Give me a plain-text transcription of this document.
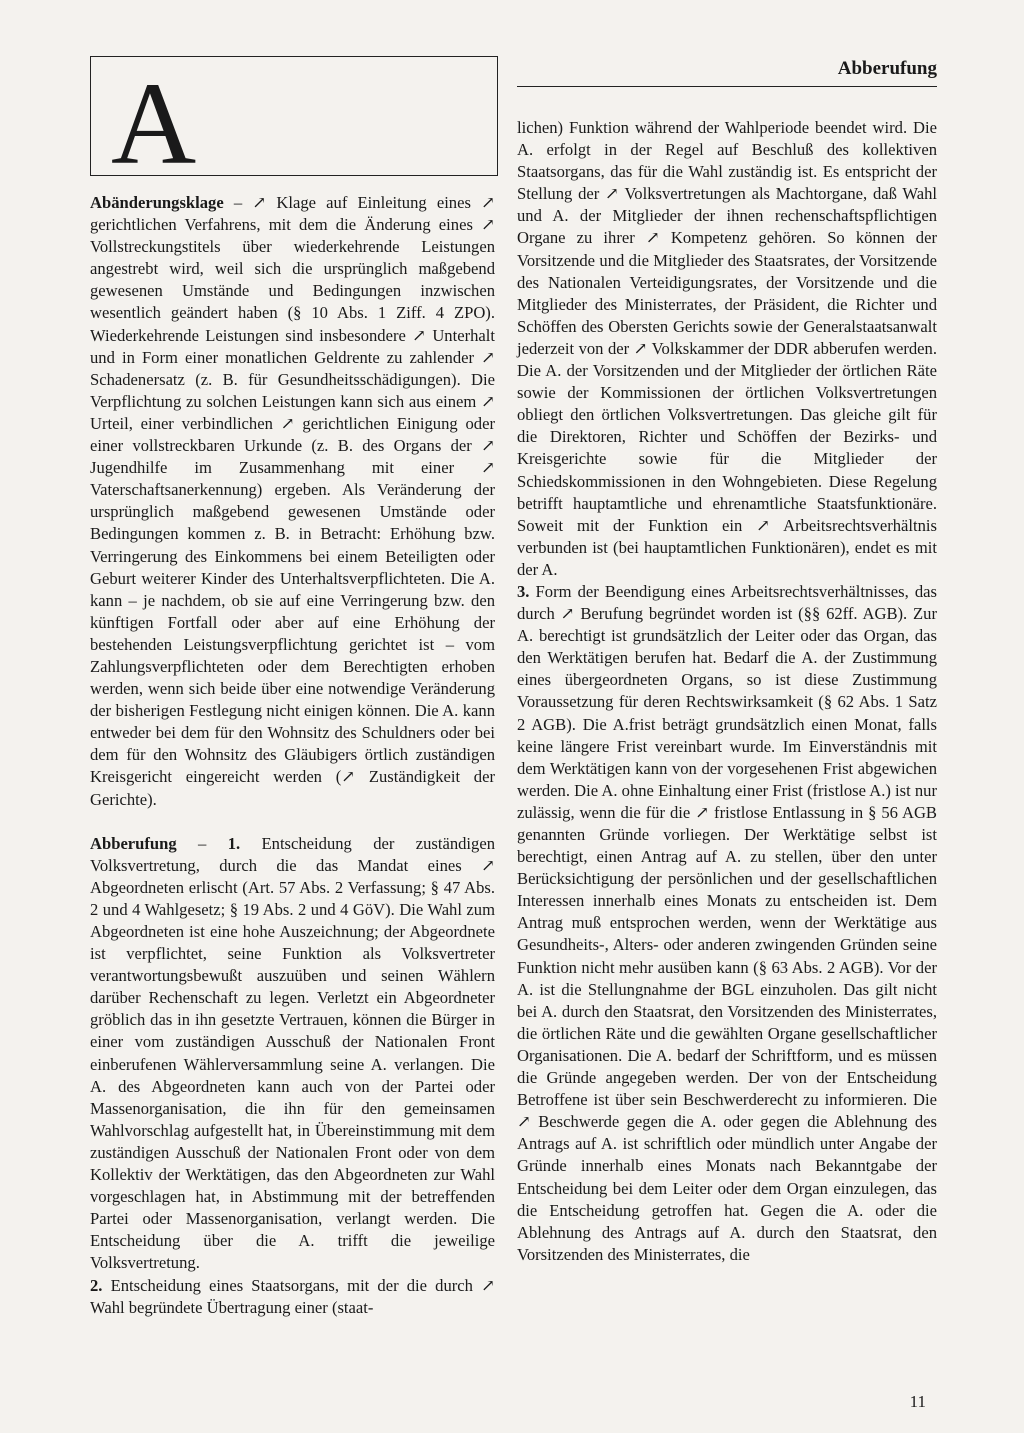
A	Abberufung

Abänderungsklage – ↗ Klage auf Einleitung eines ↗ gerichtlichen Verfahrens, mit dem die Änderung eines ↗ Vollstreckungstitels über wiederkehrende Leistungen angestrebt wird, weil sich die ursprünglich maßgebend gewesenen Umstände und Bedingungen inzwischen wesentlich geändert haben (§ 10 Abs. 1 Ziff. 4 ZPO). Wiederkehrende Leistungen sind insbesondere ↗ Unterhalt und in Form einer monatlichen Geldrente zu zahlender ↗ Schadenersatz (z. B. für Gesundheitsschädigungen). Die Verpflichtung zu solchen Leistungen kann sich aus einem ↗ Urteil, einer verbindlichen ↗ gerichtlichen Einigung oder einer vollstreckbaren Urkunde (z. B. des Organs der ↗ Jugendhilfe im Zusammenhang mit einer ↗ Vaterschaftsanerkennung) ergeben. Als Veränderung der ursprünglich maßgebend gewesenen Umstände oder Bedingungen kommen z. B. in Betracht: Erhöhung bzw. Verringerung des Einkommens bei einem Beteiligten oder Geburt weiterer Kinder des Unterhaltsverpflichteten. Die A. kann – je nachdem, ob sie auf eine Verringerung bzw. den künftigen Fortfall oder aber auf eine Erhöhung der bestehenden Leistungsverpflichtung gerichtet ist – vom Zahlungsverpflichteten oder dem Berechtigten erhoben werden, wenn sich beide über eine notwendige Veränderung der bisherigen Festlegung nicht einigen können. Die A. kann entweder bei dem für den Wohnsitz des Schuldners oder bei dem für den Wohnsitz des Gläubigers örtlich zuständigen Kreisgericht eingereicht werden (↗ Zuständigkeit der Gerichte).

Abberufung – 1. Entscheidung der zuständigen Volksvertretung, durch die das Mandat eines ↗ Abgeordneten erlischt (Art. 57 Abs. 2 Verfassung; § 47 Abs. 2 und 4 Wahlgesetz; § 19 Abs. 2 und 4 GöV). Die Wahl zum Abgeordneten ist eine hohe Auszeichnung; der Abgeordnete ist verpflichtet, seine Funktion als Volksvertreter verantwortungsbewußt auszuüben und seinen Wählern darüber Rechenschaft zu legen. Verletzt ein Abgeordneter gröblich das in ihn gesetzte Vertrauen, können die Bürger in einer vom zuständigen Ausschuß der Nationalen Front einberufenen Wählerversammlung seine A. verlangen. Die A. des Abgeordneten kann auch von der Partei oder Massenorganisation, die ihn für den gemeinsamen Wahlvorschlag aufgestellt hat, in Übereinstimmung mit dem zuständigen Ausschuß der Nationalen Front oder von dem Kollektiv der Werktätigen, das den Abgeordneten zur Wahl vorgeschlagen hat, in Abstimmung mit der betreffenden Partei oder Massenorganisation, verlangt werden. Die Entscheidung über die A. trifft die jeweilige Volksvertretung.

2. Entscheidung eines Staatsorgans, mit der die durch ↗ Wahl begründete Übertragung einer (staat-

lichen) Funktion während der Wahlperiode beendet wird. Die A. erfolgt in der Regel auf Beschluß des kollektiven Staatsorgans, das für die Wahl zuständig ist. Es entspricht der Stellung der ↗ Volksvertretungen als Machtorgane, daß Wahl und A. der Mitglieder der ihnen rechenschaftspflichtigen Organe zu ihrer ↗ Kompetenz gehören. So können der Vorsitzende und die Mitglieder des Staatsrates, der Vorsitzende des Nationalen Verteidigungsrates, der Vorsitzende und die Mitglieder des Ministerrates, der Präsident, die Richter und Schöffen des Obersten Gerichts sowie der Generalstaatsanwalt jederzeit von der ↗ Volkskammer der DDR abberufen werden. Die A. der Vorsitzenden und der Mitglieder der örtlichen Räte sowie der Kommissionen der örtlichen Volksvertretungen obliegt den örtlichen Volksvertretungen. Das gleiche gilt für die Direktoren, Richter und Schöffen der Bezirks- und Kreisgerichte sowie für die Mitglieder der Schiedskommissionen in den Wohngebieten. Diese Regelung betrifft hauptamtliche und ehrenamtliche Staatsfunktionäre. Soweit mit der Funktion ein ↗ Arbeitsrechtsverhältnis verbunden ist (bei hauptamtlichen Funktionären), endet es mit der A.

3. Form der Beendigung eines Arbeitsrechtsverhältnisses, das durch ↗ Berufung begründet worden ist (§§ 62ff. AGB). Zur A. berechtigt ist grundsätzlich der Leiter oder das Organ, das den Werktätigen berufen hat. Bedarf die A. der Zustimmung eines übergeordneten Organs, so ist diese Zustimmung Voraussetzung für deren Rechtswirksamkeit (§ 62 Abs. 1 Satz 2 AGB). Die A.frist beträgt grundsätzlich einen Monat, falls keine längere Frist vereinbart wurde. Im Einverständnis mit dem Werktätigen kann von der vorgesehenen Frist abgewichen werden. Die A. ohne Einhaltung einer Frist (fristlose A.) ist nur zulässig, wenn die für die ↗ fristlose Entlassung in § 56 AGB genannten Gründe vorliegen. Der Werktätige selbst ist berechtigt, einen Antrag auf A. zu stellen, über den unter Berücksichtigung der persönlichen und der gesellschaftlichen Interessen innerhalb eines Monats zu entscheiden ist. Dem Antrag muß entsprochen werden, wenn der Werktätige aus Gesundheits-, Alters- oder anderen zwingenden Gründen seine Funktion nicht mehr ausüben kann (§ 63 Abs. 2 AGB). Vor der A. ist die Stellungnahme der BGL einzuholen. Das gilt nicht bei A. durch den Staatsrat, den Vorsitzenden des Ministerrates, die örtlichen Räte und die gewählten Organe gesellschaftlicher Organisationen. Die A. bedarf der Schriftform, und es müssen die Gründe angegeben werden. Der von der Entscheidung Betroffene ist über sein Beschwerderecht zu informieren. Die ↗ Beschwerde gegen die A. oder gegen die Ablehnung des Antrags auf A. ist schriftlich oder mündlich unter Angabe der Gründe innerhalb eines Monats nach Bekanntgabe der Entscheidung bei dem Leiter oder dem Organ einzulegen, das die Entscheidung getroffen hat. Gegen die A. oder die Ablehnung des Antrags auf A. durch den Staatsrat, den Vorsitzenden des Ministerrates, die

11
